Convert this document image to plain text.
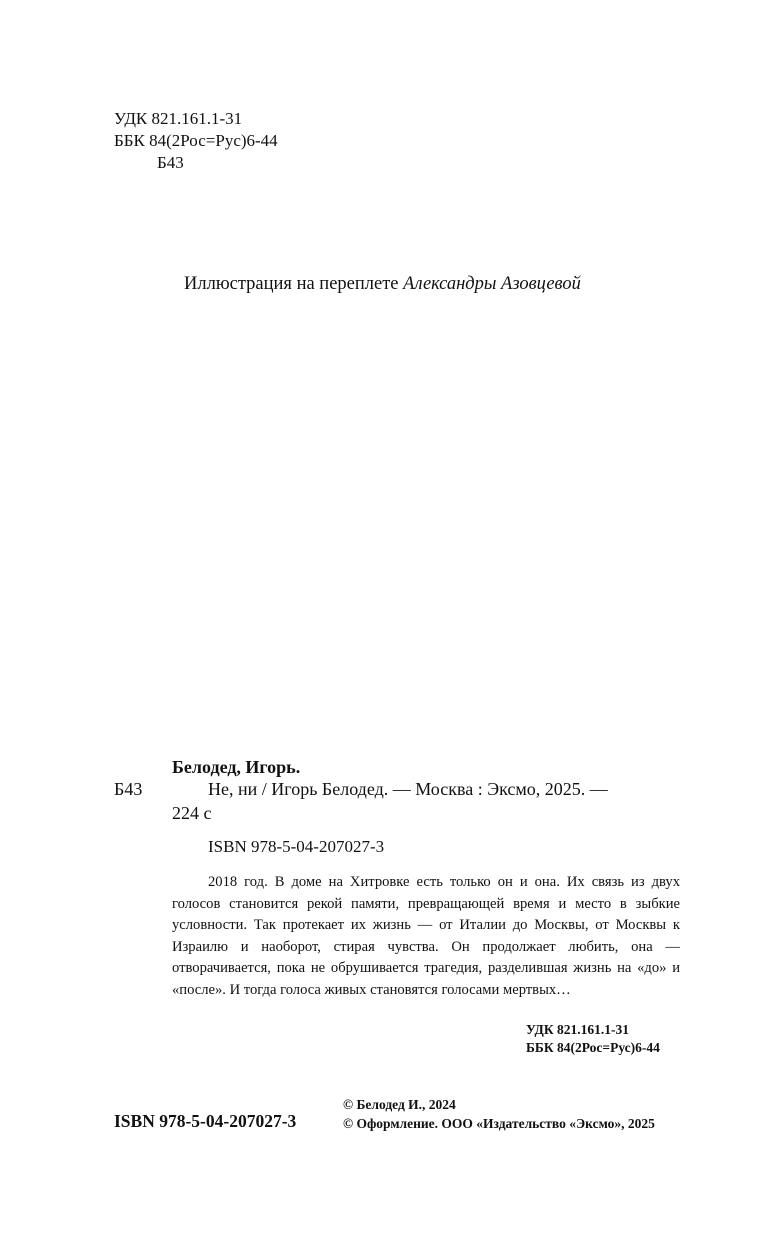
УДК 821.161.1-31
ББК 84(2Рос=Рус)6-44
Б43
Иллюстрация на переплете Александры Азовцевой
Белодед, Игорь.
Б43	Не, ни / Игорь Белодед. — Москва : Эксмо, 2025. —
224 с
ISBN 978-5-04-207027-3

2018 год. В доме на Хитровке есть только он и она. Их связь из двух голосов становится рекой памяти, превращающей время и место в зыбкие условности. Так протекает их жизнь — от Италии до Москвы, от Москвы к Израилю и наоборот, стирая чувства. Он продолжает любить, она — отворачивается, пока не обрушивается трагедия, разделившая жизнь на «до» и «после». И тогда голоса живых становятся голосами мертвых…

УДК 821.161.1-31
ББК 84(2Рос=Рус)6-44
© Белодед И., 2024
© Оформление. ООО «Издательство «Эксмо», 2025
ISBN 978-5-04-207027-3
